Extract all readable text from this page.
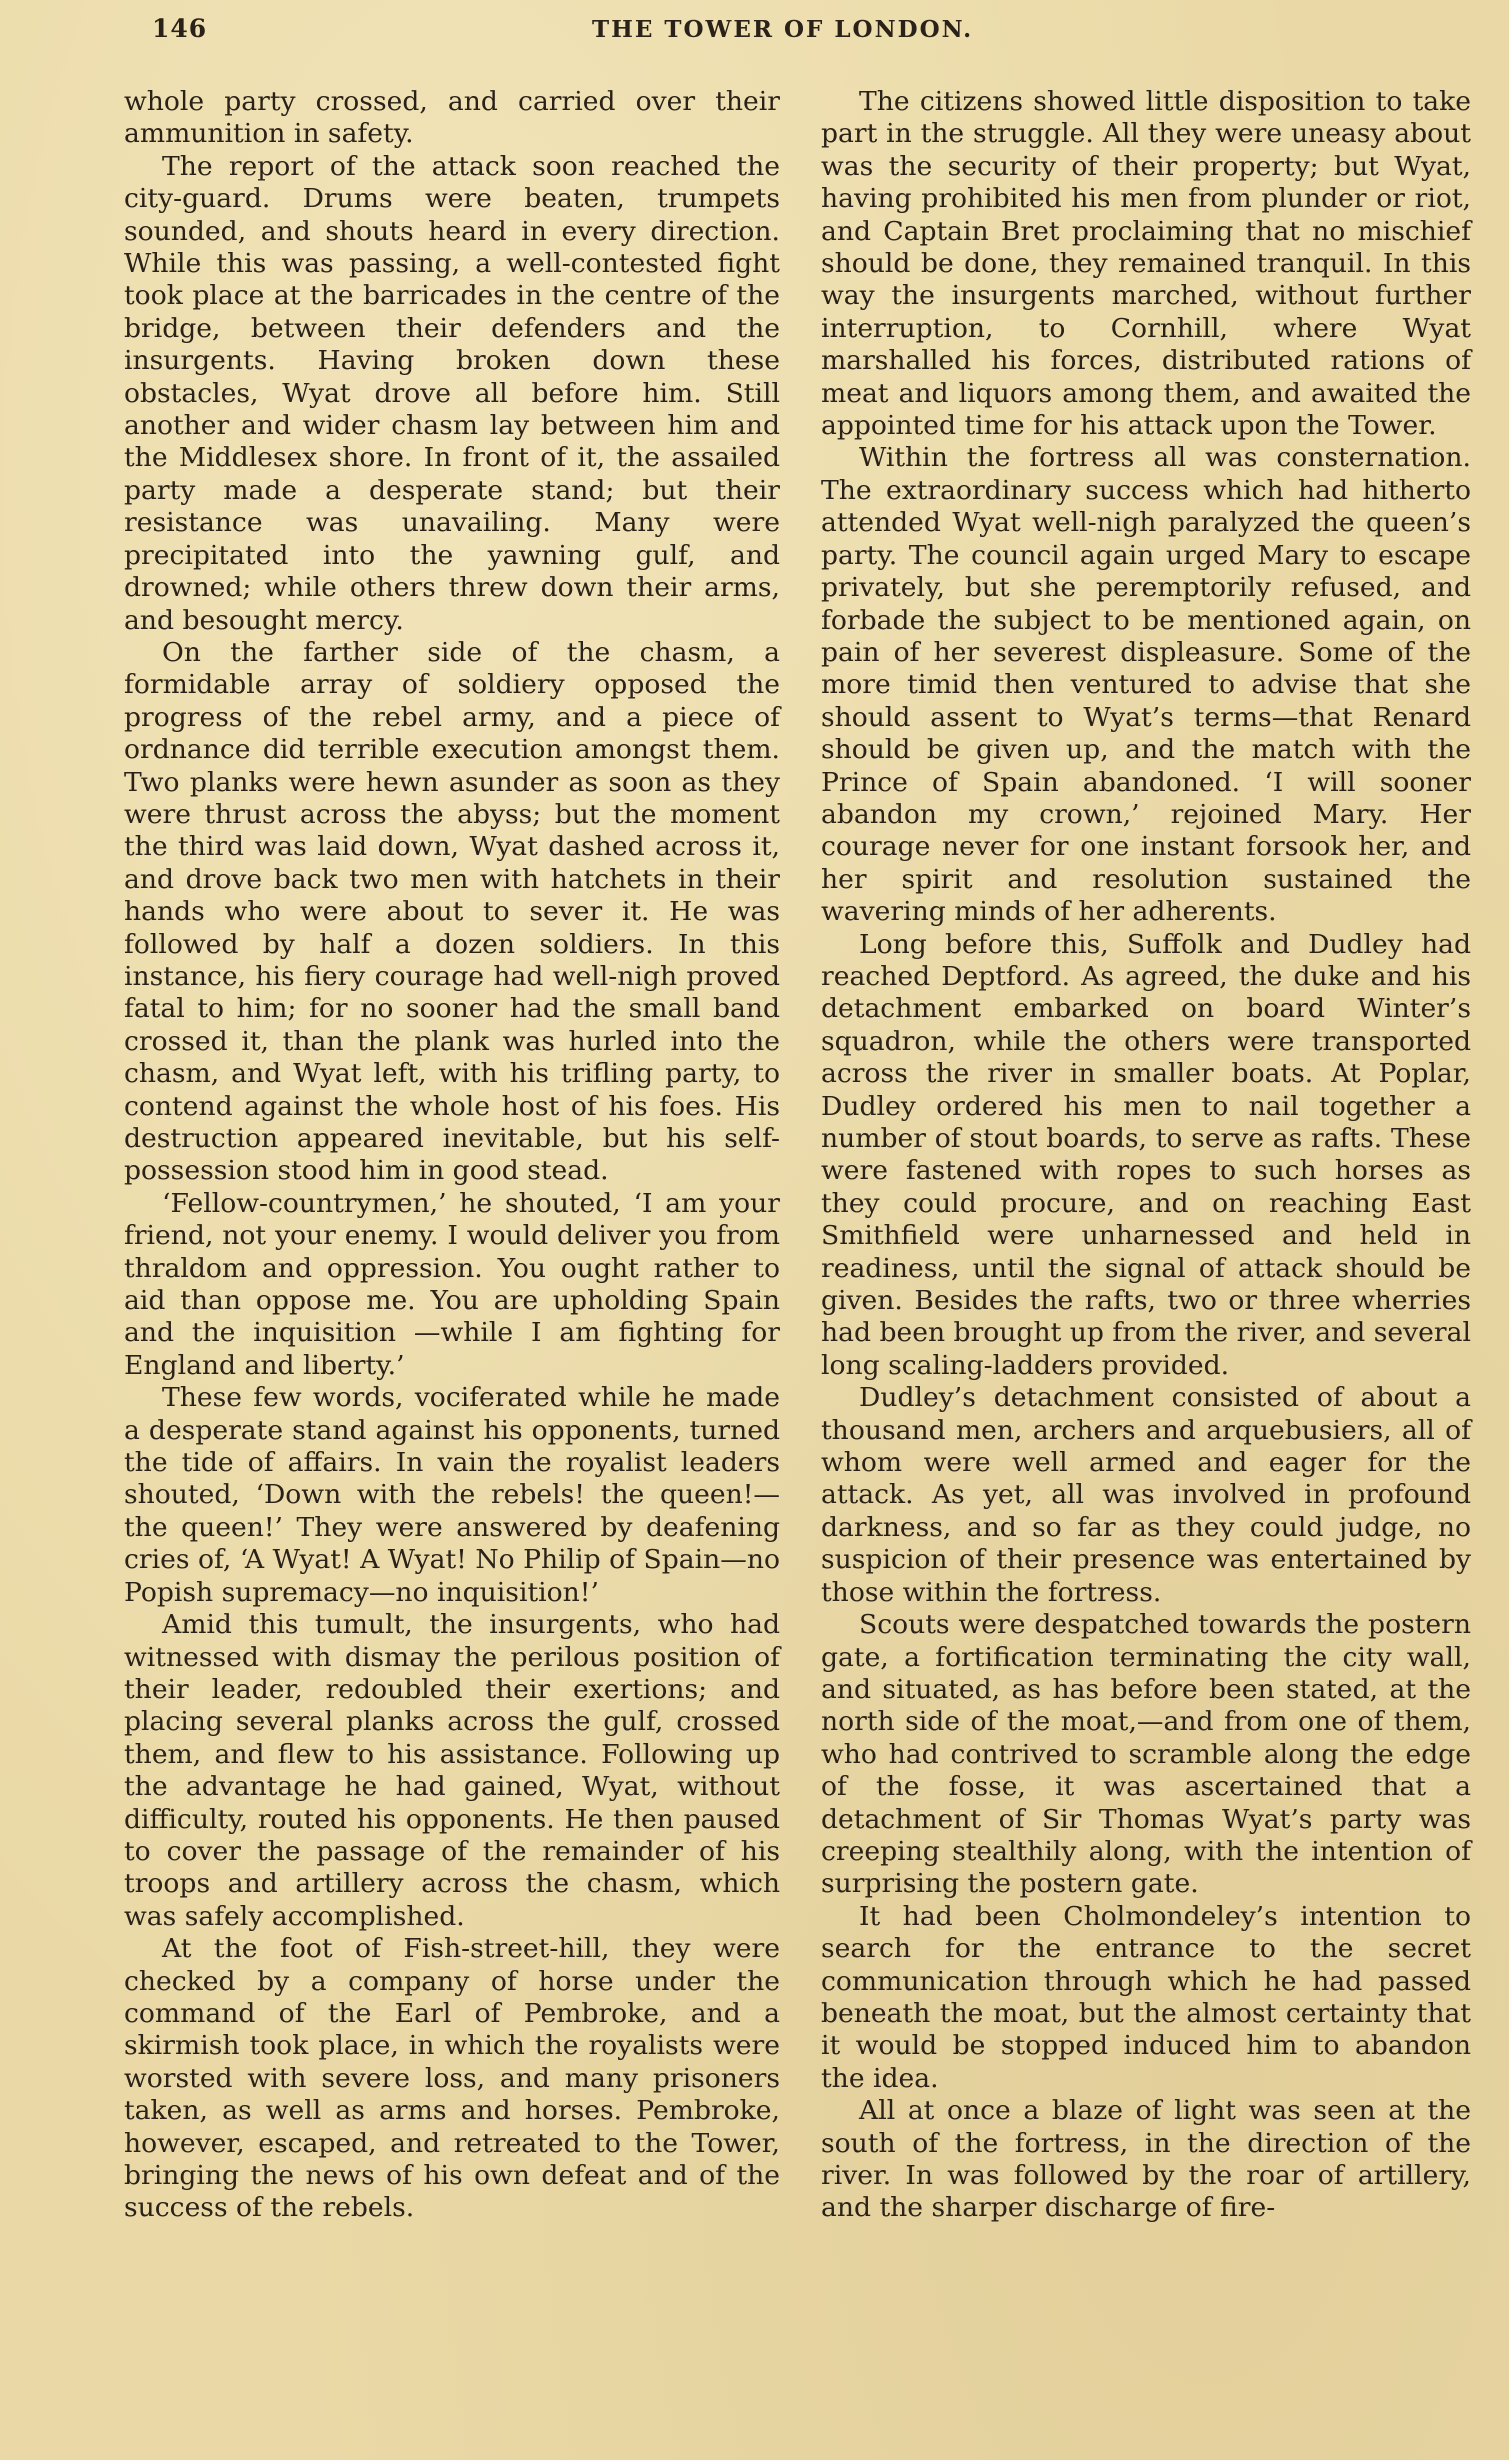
146	THE TOWER OF LONDON.

whole party crossed, and carried over their ammunition in safety.

The report of the attack soon reached the city-guard. Drums were beaten, trumpets sounded, and shouts heard in every direction. While this was passing, a well-contested fight took place at the barricades in the centre of the bridge, between their defenders and the insurgents. Having broken down these obstacles, Wyat drove all before him. Still another and wider chasm lay between him and the Middlesex shore. In front of it, the assailed party made a desperate stand; but their resistance was unavailing. Many were precipitated into the yawning gulf, and drowned; while others threw down their arms, and besought mercy.

On the farther side of the chasm, a formidable array of soldiery opposed the progress of the rebel army, and a piece of ordnance did terrible execution amongst them. Two planks were hewn asunder as soon as they were thrust across the abyss; but the moment the third was laid down, Wyat dashed across it, and drove back two men with hatchets in their hands who were about to sever it. He was followed by half a dozen soldiers. In this instance, his fiery courage had well-nigh proved fatal to him; for no sooner had the small band crossed it, than the plank was hurled into the chasm, and Wyat left, with his trifling party, to contend against the whole host of his foes. His destruction appeared inevitable, but his self-possession stood him in good stead.

‘Fellow-countrymen,’ he shouted, ‘I am your friend, not your enemy. I would deliver you from thraldom and oppression. You ought rather to aid than oppose me. You are upholding Spain and the inquisition —while I am fighting for England and liberty.’

These few words, vociferated while he made a desperate stand against his opponents, turned the tide of affairs. In vain the royalist leaders shouted, ‘Down with the rebels! the queen!—the queen!’ They were answered by deafening cries of, ‘A Wyat! A Wyat! No Philip of Spain—no Popish supremacy—no inquisition!’

Amid this tumult, the insurgents, who had witnessed with dismay the perilous position of their leader, redoubled their exertions; and placing several planks across the gulf, crossed them, and flew to his assistance. Following up the advantage he had gained, Wyat, without difficulty, routed his opponents. He then paused to cover the passage of the remainder of his troops and artillery across the chasm, which was safely accomplished.

At the foot of Fish-street-hill, they were checked by a company of horse under the command of the Earl of Pembroke, and a skirmish took place, in which the royalists were worsted with severe loss, and many prisoners taken, as well as arms and horses. Pembroke, however, escaped, and retreated to the Tower, bringing the news of his own defeat and of the success of the rebels.

The citizens showed little disposition to take part in the struggle. All they were uneasy about was the security of their property; but Wyat, having prohibited his men from plunder or riot, and Captain Bret proclaiming that no mischief should be done, they remained tranquil. In this way the insurgents marched, without further interruption, to Cornhill, where Wyat marshalled his forces, distributed rations of meat and liquors among them, and awaited the appointed time for his attack upon the Tower.

Within the fortress all was consternation. The extraordinary success which had hitherto attended Wyat well-nigh paralyzed the queen’s party. The council again urged Mary to escape privately, but she peremptorily refused, and forbade the subject to be mentioned again, on pain of her severest displeasure. Some of the more timid then ventured to advise that she should assent to Wyat’s terms—that Renard should be given up, and the match with the Prince of Spain abandoned. ‘I will sooner abandon my crown,’ rejoined Mary. Her courage never for one instant forsook her, and her spirit and resolution sustained the wavering minds of her adherents.

Long before this, Suffolk and Dudley had reached Deptford. As agreed, the duke and his detachment embarked on board Winter’s squadron, while the others were transported across the river in smaller boats. At Poplar, Dudley ordered his men to nail together a number of stout boards, to serve as rafts. These were fastened with ropes to such horses as they could procure, and on reaching East Smithfield were unharnessed and held in readiness, until the signal of attack should be given. Besides the rafts, two or three wherries had been brought up from the river, and several long scaling-ladders provided.

Dudley’s detachment consisted of about a thousand men, archers and arquebusiers, all of whom were well armed and eager for the attack. As yet, all was involved in profound darkness, and so far as they could judge, no suspicion of their presence was entertained by those within the fortress.

Scouts were despatched towards the postern gate, a fortification terminating the city wall, and situated, as has before been stated, at the north side of the moat,—and from one of them, who had contrived to scramble along the edge of the fosse, it was ascertained that a detachment of Sir Thomas Wyat’s party was creeping stealthily along, with the intention of surprising the postern gate.

It had been Cholmondeley’s intention to search for the entrance to the secret communication through which he had passed beneath the moat, but the almost certainty that it would be stopped induced him to abandon the idea.

All at once a blaze of light was seen at the south of the fortress, in the direction of the river. In was followed by the roar of artillery, and the sharper discharge of fire-
